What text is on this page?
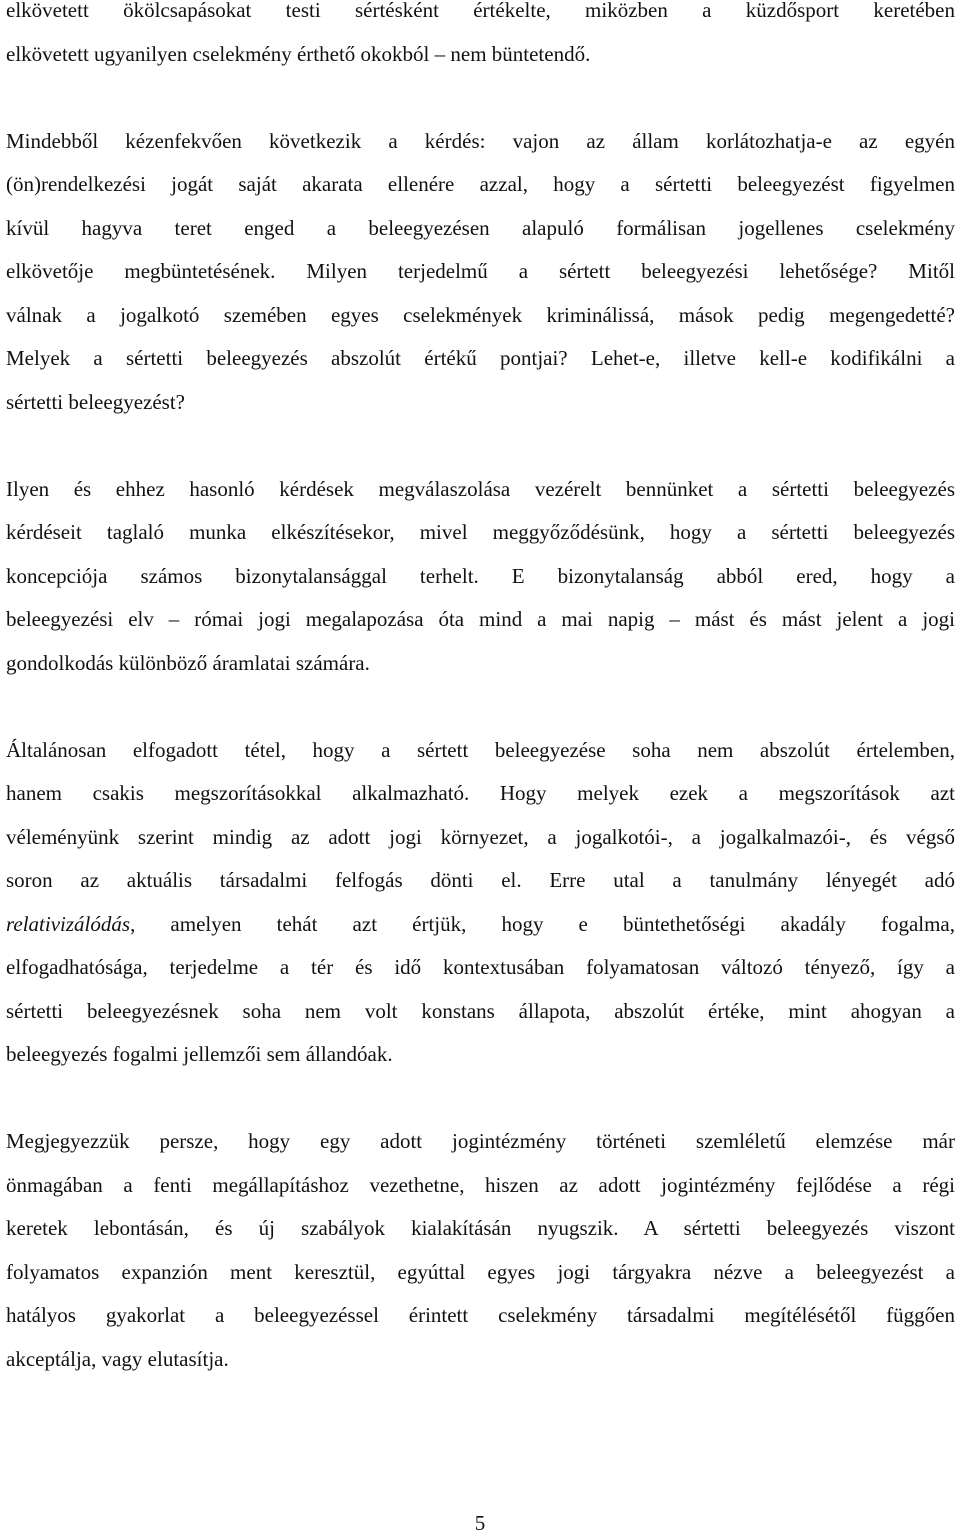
elkövetett ökölcsapásokat testi sértésként értékelte, miközben a küzdősport keretében
elkövetett ugyanilyen cselekmény érthető okokból – nem büntetendő.

Mindebből kézenfekvően következik a kérdés: vajon az állam korlátozhatja-e az egyén
(ön)rendelkezési jogát saját akarata ellenére azzal, hogy a sértetti beleegyezést figyelmen
kívül hagyva teret enged a beleegyezésen alapuló formálisan jogellenes cselekmény
elkövetője megbüntetésének. Milyen terjedelmű a sértett beleegyezési lehetősége? Mitől
válnak a jogalkotó szemében egyes cselekmények kriminálissá, mások pedig megengedetté?
Melyek a sértetti beleegyezés abszolút értékű pontjai? Lehet-e, illetve kell-e kodifikálni a
sértetti beleegyezést?

Ilyen és ehhez hasonló kérdések megválaszolása vezérelt bennünket a sértetti beleegyezés
kérdéseit taglaló munka elkészítésekor, mivel meggyőződésünk, hogy a sértetti beleegyezés
koncepciója számos bizonytalansággal terhelt. E bizonytalanság abból ered, hogy a
beleegyezési elv – római jogi megalapozása óta mind a mai napig – mást és mást jelent a jogi
gondolkodás különböző áramlatai számára.

Általánosan elfogadott tétel, hogy a sértett beleegyezése soha nem abszolút értelemben,
hanem csakis megszorításokkal alkalmazható. Hogy melyek ezek a megszorítások azt
véleményünk szerint mindig az adott jogi környezet, a jogalkotói-, a jogalkalmazói-, és végső
soron az aktuális társadalmi felfogás dönti el. Erre utal a tanulmány lényegét adó
relativizálódás, amelyen tehát azt értjük, hogy e büntethetőségi akadály fogalma,
elfogadhatósága, terjedelme a tér és idő kontextusában folyamatosan változó tényező, így a
sértetti beleegyezésnek soha nem volt konstans állapota, abszolút értéke, mint ahogyan a
beleegyezés fogalmi jellemzői sem állandóak.

Megjegyezzük persze, hogy egy adott jogintézmény történeti szemléletű elemzése már
önmagában a fenti megállapításhoz vezethetne, hiszen az adott jogintézmény fejlődése a régi
keretek lebontásán, és új szabályok kialakításán nyugszik. A sértetti beleegyezés viszont
folyamatos expanzión ment keresztül, egyúttal egyes jogi tárgyakra nézve a beleegyezést a
hatályos gyakorlat a beleegyezéssel érintett cselekmény társadalmi megítélésétől függően
akceptálja, vagy elutasítja.

5
